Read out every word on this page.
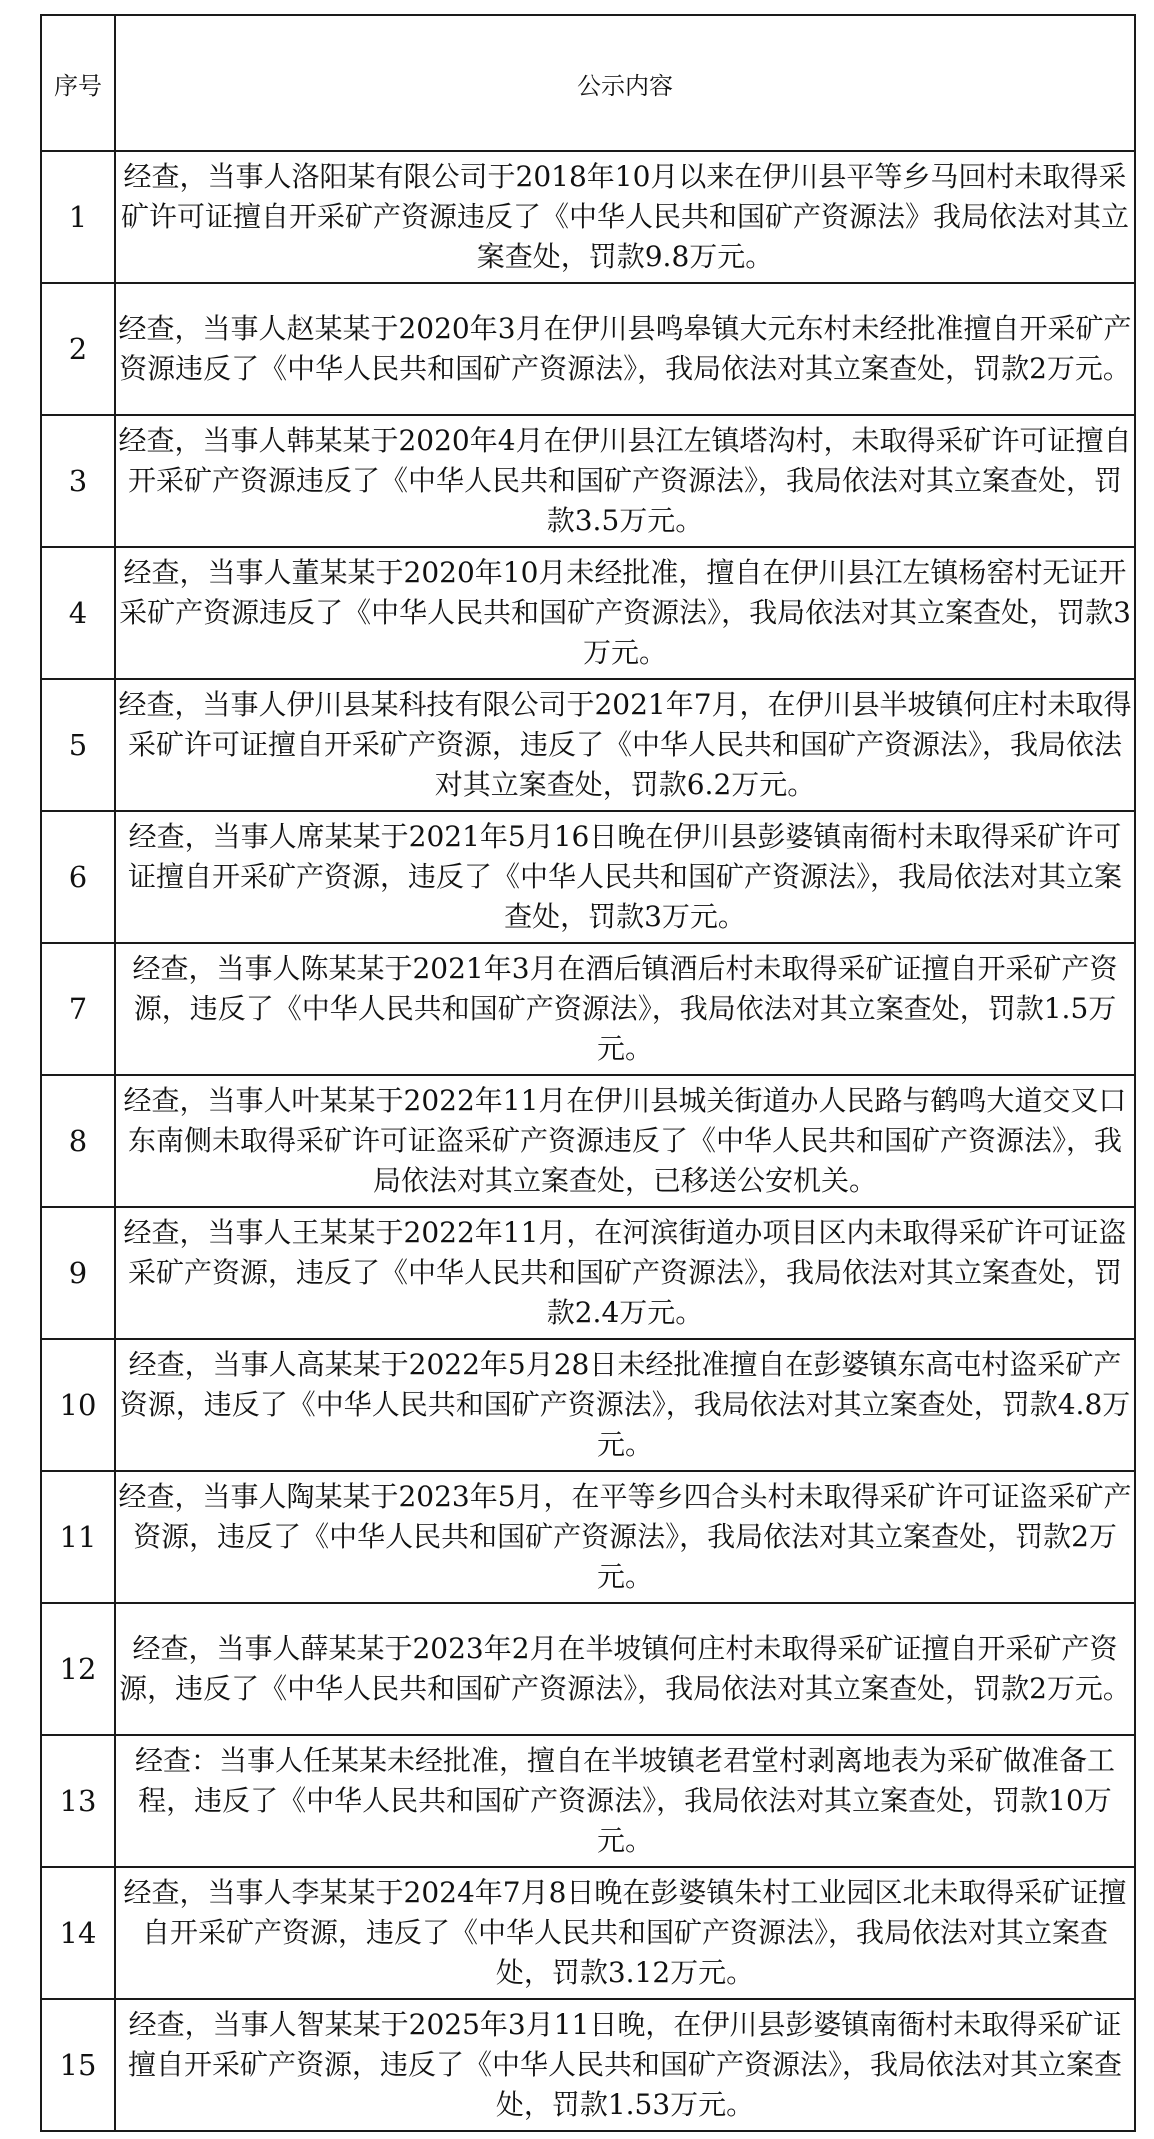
序号	公示内容
1	经查，当事人洛阳某有限公司于2018年10月以来在伊川县平等乡马回村未取得采矿许可证擅自开采矿产资源违反了《中华人民共和国矿产资源法》我局依法对其立案查处，罚款9.8万元。
2	经查，当事人赵某某于2020年3月在伊川县鸣皋镇大元东村未经批准擅自开采矿产资源违反了《中华人民共和国矿产资源法》，我局依法对其立案查处，罚款2万元。
3	经查，当事人韩某某于2020年4月在伊川县江左镇塔沟村，未取得采矿许可证擅自开采矿产资源违反了《中华人民共和国矿产资源法》，我局依法对其立案查处，罚款3.5万元。
4	经查，当事人董某某于2020年10月未经批准，擅自在伊川县江左镇杨窑村无证开采矿产资源违反了《中华人民共和国矿产资源法》，我局依法对其立案查处，罚款3万元。
5	经查，当事人伊川县某科技有限公司于2021年7月，在伊川县半坡镇何庄村未取得采矿许可证擅自开采矿产资源，违反了《中华人民共和国矿产资源法》，我局依法对其立案查处，罚款6.2万元。
6	经查，当事人席某某于2021年5月16日晚在伊川县彭婆镇南衙村未取得采矿许可证擅自开采矿产资源，违反了《中华人民共和国矿产资源法》，我局依法对其立案查处，罚款3万元。
7	经查，当事人陈某某于2021年3月在酒后镇酒后村未取得采矿证擅自开采矿产资源，违反了《中华人民共和国矿产资源法》，我局依法对其立案查处，罚款1.5万元。
8	经查，当事人叶某某于2022年11月在伊川县城关街道办人民路与鹤鸣大道交叉口东南侧未取得采矿许可证盗采矿产资源违反了《中华人民共和国矿产资源法》，我局依法对其立案查处，已移送公安机关。
9	经查，当事人王某某于2022年11月，在河滨街道办项目区内未取得采矿许可证盗采矿产资源，违反了《中华人民共和国矿产资源法》，我局依法对其立案查处，罚款2.4万元。
10	经查，当事人高某某于2022年5月28日未经批准擅自在彭婆镇东高屯村盗采矿产资源，违反了《中华人民共和国矿产资源法》，我局依法对其立案查处，罚款4.8万元。
11	经查，当事人陶某某于2023年5月，在平等乡四合头村未取得采矿许可证盗采矿产资源，违反了《中华人民共和国矿产资源法》，我局依法对其立案查处，罚款2万元。
12	经查，当事人薛某某于2023年2月在半坡镇何庄村未取得采矿证擅自开采矿产资源，违反了《中华人民共和国矿产资源法》，我局依法对其立案查处，罚款2万元。
13	经查：当事人任某某未经批准，擅自在半坡镇老君堂村剥离地表为采矿做准备工程，违反了《中华人民共和国矿产资源法》，我局依法对其立案查处，罚款10万元。
14	经查，当事人李某某于2024年7月8日晚在彭婆镇朱村工业园区北未取得采矿证擅自开采矿产资源，违反了《中华人民共和国矿产资源法》，我局依法对其立案查处，罚款3.12万元。
15	经查，当事人智某某于2025年3月11日晚，在伊川县彭婆镇南衙村未取得采矿证擅自开采矿产资源，违反了《中华人民共和国矿产资源法》，我局依法对其立案查处，罚款1.53万元。
